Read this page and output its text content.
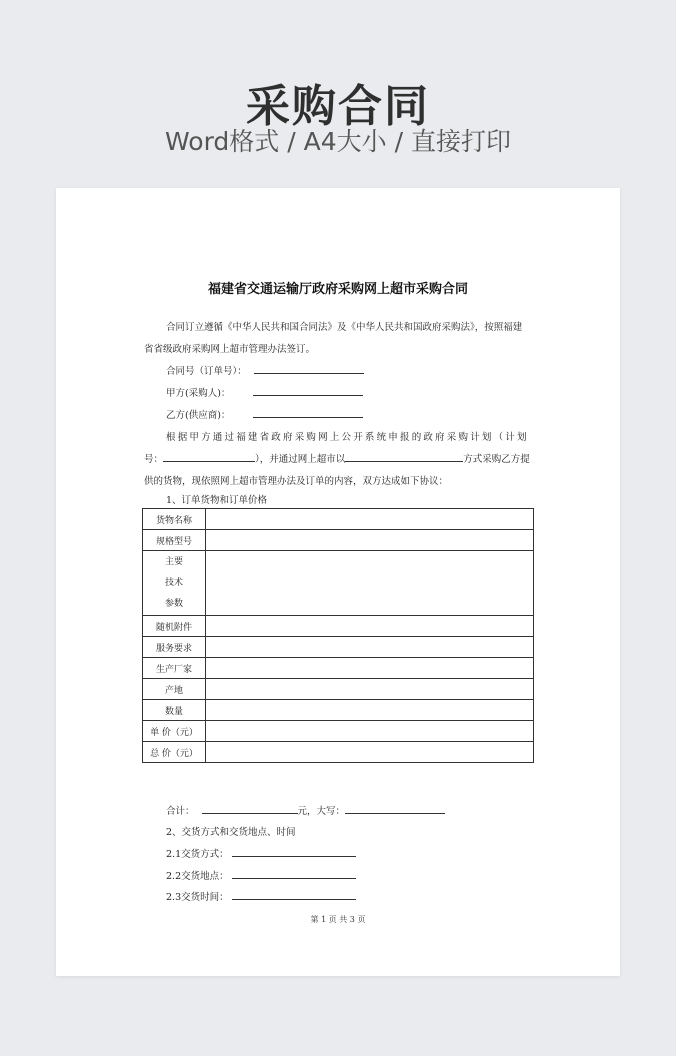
采购合同
Word格式 / A4大小 / 直接打印
福建省交通运输厅政府采购网上超市采购合同
合同订立遵循《中华人民共和国合同法》及《中华人民共和国政府采购法》，按照福建
省省级政府采购网上超市管理办法签订。
合同号（订单号）：
甲方(采购人)：
乙方(供应商)：
根据甲方通过福建省政府采购网上公开系统申报的政府采购计划（计划
号：	），并通过网上超市以	方式采购乙方提
供的货物，现依照网上超市管理办法及订单的内容，双方达成如下协议：
1、订单货物和订单价格
货物名称	
规格型号	
主要
技术
参数	
随机附件	
服务要求	
生产厂家	
产地	
数量	
单 价（元）	
总 价（元）	
合计：	元，大写：
2、交货方式和交货地点、时间
2.1交货方式：
2.2交货地点：
2.3交货时间：
第 1 页 共 3 页
